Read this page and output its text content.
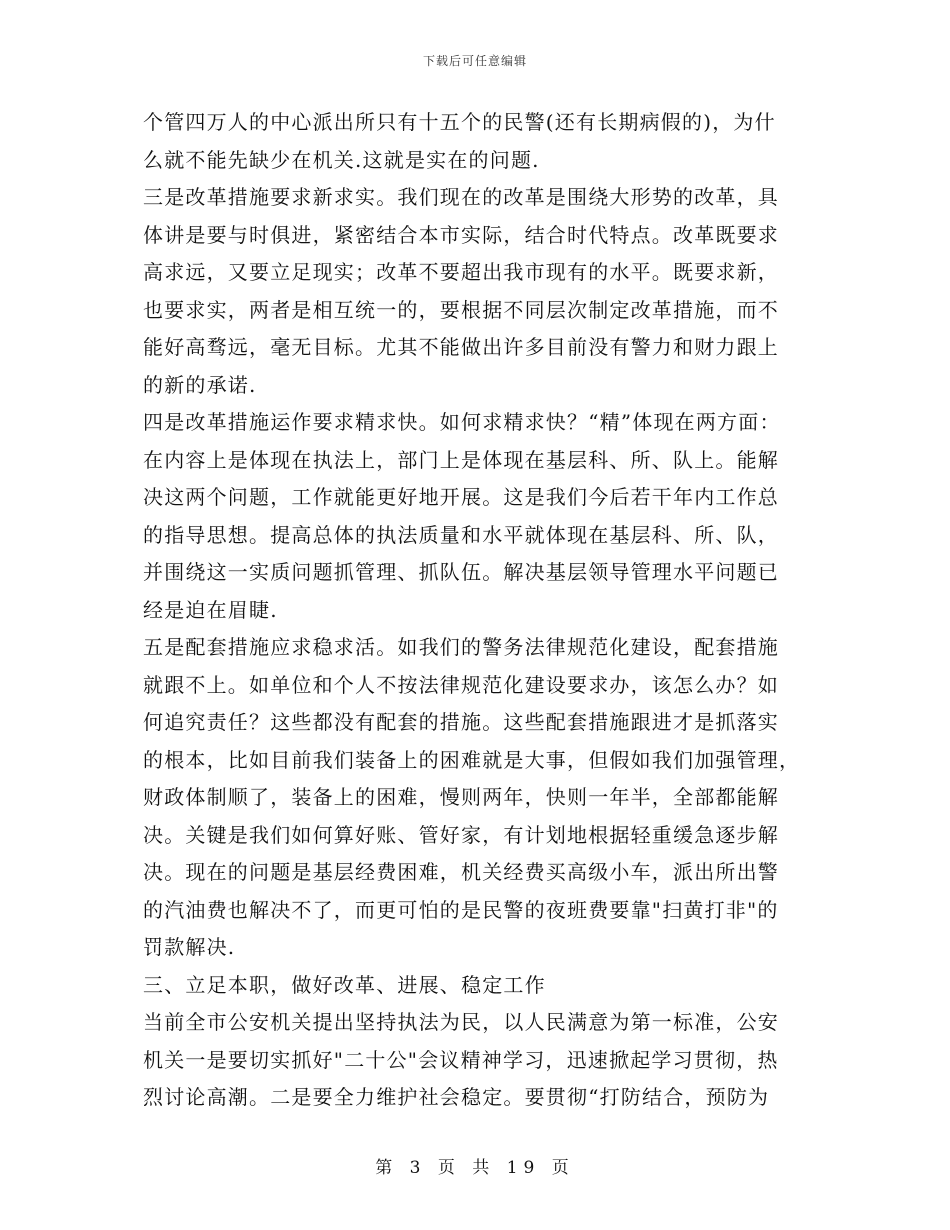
下载后可任意编辑
个管四万人的中心派出所只有十五个的民警(还有长期病假的)，为什
么就不能先缺少在机关.这就是实在的问题.
三是改革措施要求新求实。我们现在的改革是围绕大形势的改革，具
体讲是要与时俱进，紧密结合本市实际，结合时代特点。改革既要求
高求远，又要立足现实；改革不要超出我市现有的水平。既要求新，
也要求实，两者是相互统一的，要根据不同层次制定改革措施，而不
能好高骛远，毫无目标。尤其不能做出许多目前没有警力和财力跟上
的新的承诺.
四是改革措施运作要求精求快。如何求精求快？“精”体现在两方面：
在内容上是体现在执法上，部门上是体现在基层科、所、队上。能解
决这两个问题，工作就能更好地开展。这是我们今后若干年内工作总
的指导思想。提高总体的执法质量和水平就体现在基层科、所、队，
并围绕这一实质问题抓管理、抓队伍。解决基层领导管理水平问题已
经是迫在眉睫.
五是配套措施应求稳求活。如我们的警务法律规范化建设，配套措施
就跟不上。如单位和个人不按法律规范化建设要求办，该怎么办？如
何追究责任？这些都没有配套的措施。这些配套措施跟进才是抓落实
的根本，比如目前我们装备上的困难就是大事，但假如我们加强管理，
财政体制顺了，装备上的困难，慢则两年，快则一年半，全部都能解
决。关键是我们如何算好账、管好家，有计划地根据轻重缓急逐步解
决。现在的问题是基层经费困难，机关经费买高级小车，派出所出警
的汽油费也解决不了，而更可怕的是民警的夜班费要靠"扫黄打非"的
罚款解决.
三、立足本职，做好改革、进展、稳定工作
当前全市公安机关提出坚持执法为民，以人民满意为第一标准，公安
机关一是要切实抓好"二十公"会议精神学习，迅速掀起学习贯彻，热
烈讨论高潮。二是要全力维护社会稳定。要贯彻“打防结合，预防为
第 3 页 共 19 页
